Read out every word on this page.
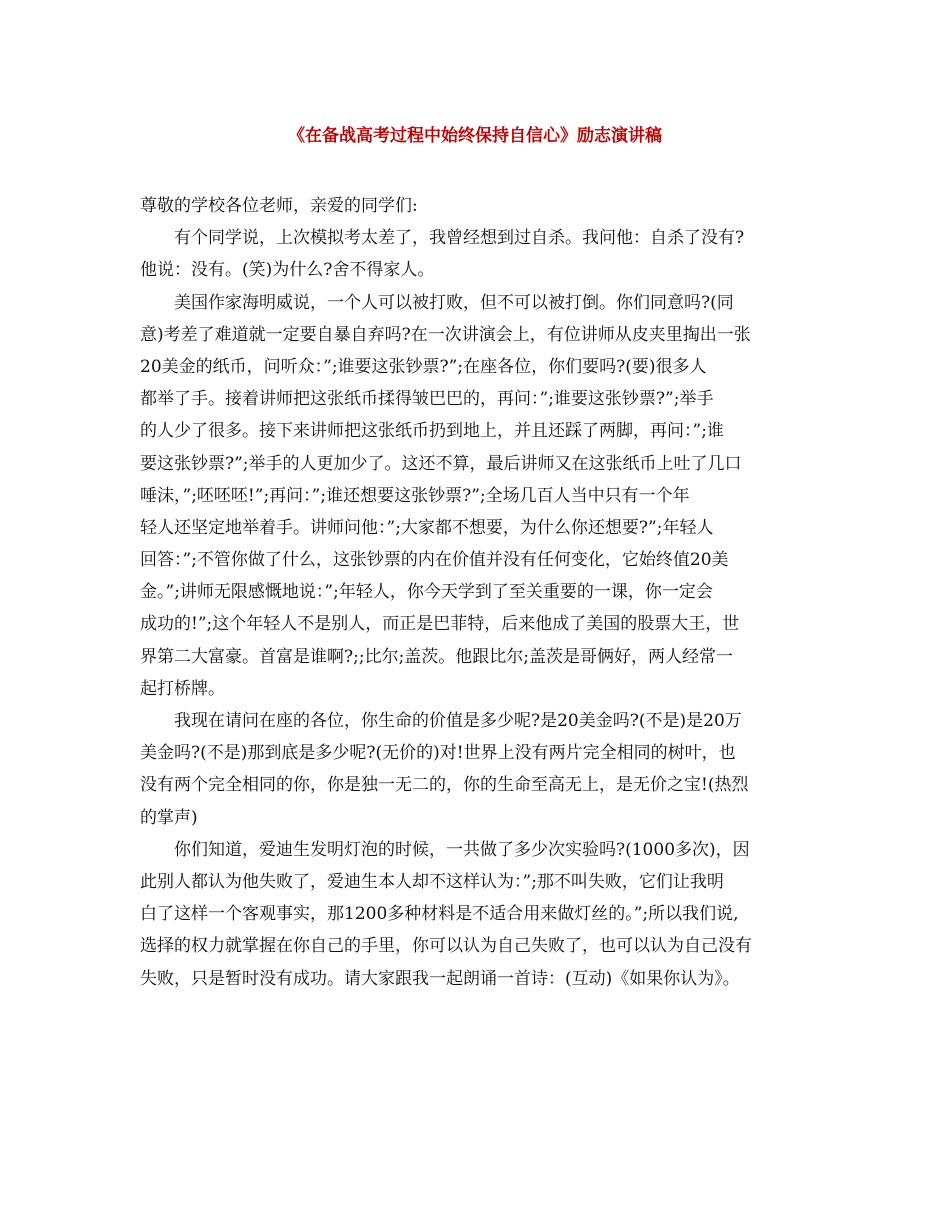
《在备战高考过程中始终保持自信心》励志演讲稿
尊敬的学校各位老师，亲爱的同学们:
有个同学说，上次模拟考太差了，我曾经想到过自杀。我问他：自杀了没有?
他说：没有。(笑)为什么?舍不得家人。
美国作家海明威说，一个人可以被打败，但不可以被打倒。你们同意吗?(同
意)考差了难道就一定要自暴自弃吗?在一次讲演会上，有位讲师从皮夹里掏出一张
20美金的纸币，问听众：”;谁要这张钞票?”;在座各位，你们要吗?(要)很多人
都举了手。接着讲师把这张纸币揉得皱巴巴的，再问：”;谁要这张钞票?”;举手
的人少了很多。接下来讲师把这张纸币扔到地上，并且还踩了两脚，再问：”;谁
要这张钞票?”;举手的人更加少了。这还不算，最后讲师又在这张纸币上吐了几口
唾沫，”;呸呸呸!”;再问：”;谁还想要这张钞票?”;全场几百人当中只有一个年
轻人还坚定地举着手。讲师问他：”;大家都不想要，为什么你还想要?”;年轻人
回答：”;不管你做了什么，这张钞票的内在价值并没有任何变化，它始终值20美
金。”;讲师无限感慨地说：”;年轻人，你今天学到了至关重要的一课，你一定会
成功的!”;这个年轻人不是别人，而正是巴菲特，后来他成了美国的股票大王，世
界第二大富豪。首富是谁啊?;;比尔;盖茨。他跟比尔;盖茨是哥俩好，两人经常一
起打桥牌。
我现在请问在座的各位，你生命的价值是多少呢?是20美金吗?(不是)是20万
美金吗?(不是)那到底是多少呢?(无价的)对!世界上没有两片完全相同的树叶，也
没有两个完全相同的你，你是独一无二的，你的生命至高无上，是无价之宝!(热烈
的掌声)
你们知道，爱迪生发明灯泡的时候，一共做了多少次实验吗?(1000多次)，因
此别人都认为他失败了，爱迪生本人却不这样认为：”;那不叫失败，它们让我明
白了这样一个客观事实，那1200多种材料是不适合用来做灯丝的。”;所以我们说,
选择的权力就掌握在你自己的手里，你可以认为自己失败了，也可以认为自己没有
失败，只是暂时没有成功。请大家跟我一起朗诵一首诗：(互动)《如果你认为》。
